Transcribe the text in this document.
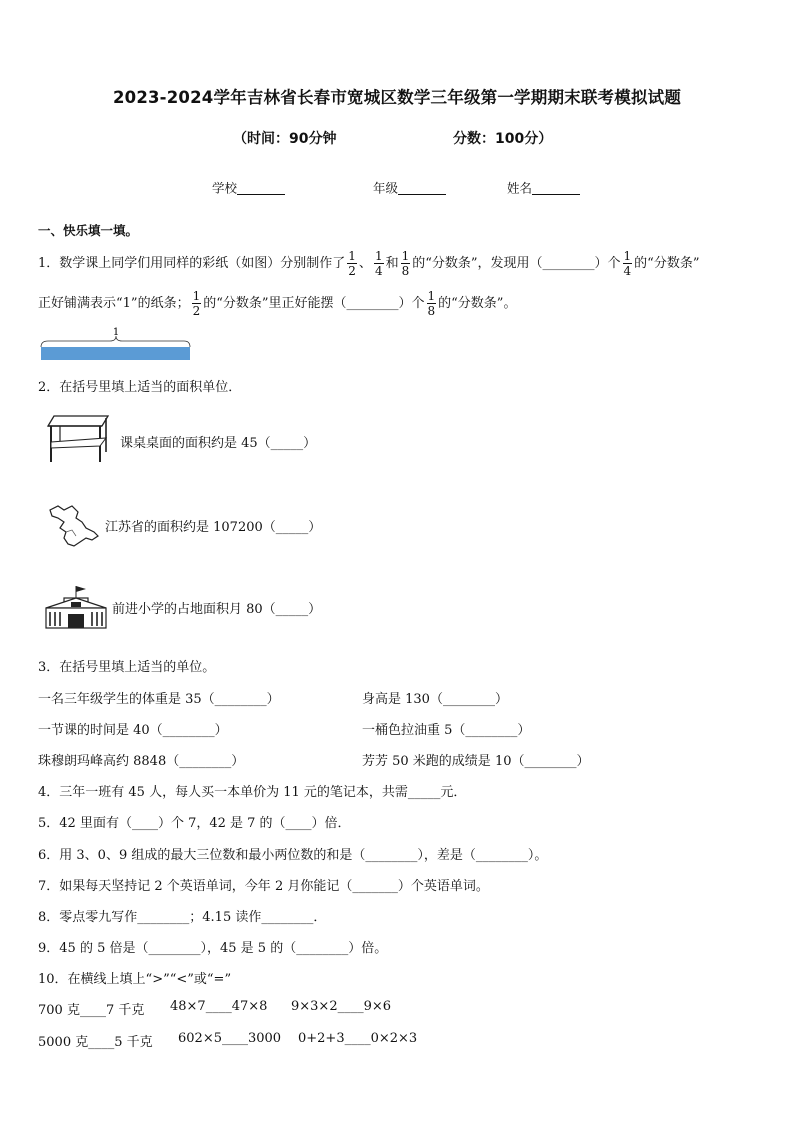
2023-2024学年吉林省长春市宽城区数学三年级第一学期期末联考模拟试题
（时间：90分钟	分数：100分）
学校	年级	姓名
一、快乐填一填。
1．数学课上同学们用同样的彩纸（如图）分别制作了 $\frac{1}{2}$ 、 $\frac{1}{4}$ 和 $\frac{1}{8}$ 的“分数条”，发现用（________）个 $\frac{1}{4}$ 的“分数条”
正好铺满表示“1”的纸条； $\frac{1}{2}$ 的“分数条”里正好能摆（________）个 $\frac{1}{8}$ 的“分数条”。
1
2．在括号里填上适当的面积单位．
课桌桌面的面积约是 45（_____）
江苏省的面积约是 107200（_____）
前进小学的占地面积月 80（_____）
3．在括号里填上适当的单位。
一名三年级学生的体重是 35（________）	身高是 130（________）
一节课的时间是 40（________）	一桶色拉油重 5（________）
珠穆朗玛峰高约 8848（________）	芳芳 50 米跑的成绩是 10（________）
4．三年一班有 45 人，每人买一本单价为 11 元的笔记本，共需_____元．
5．42 里面有（____）个 7，42 是 7 的（____）倍．
6．用 3、0、9 组成的最大三位数和最小两位数的和是（________），差是（________）。
7．如果每天坚持记 2 个英语单词，今年 2 月你能记（_______）个英语单词。
8．零点零九写作________；4.15 读作________．
9．45 的 5 倍是（________），45 是 5 的（________）倍。
10．在横线上填上“>”“<”或“=”
700 克____7 千克 48×7____47×8 9×3×2____9×6
5000 克____5 千克 602×5____3000 0+2+3____0×2×3
